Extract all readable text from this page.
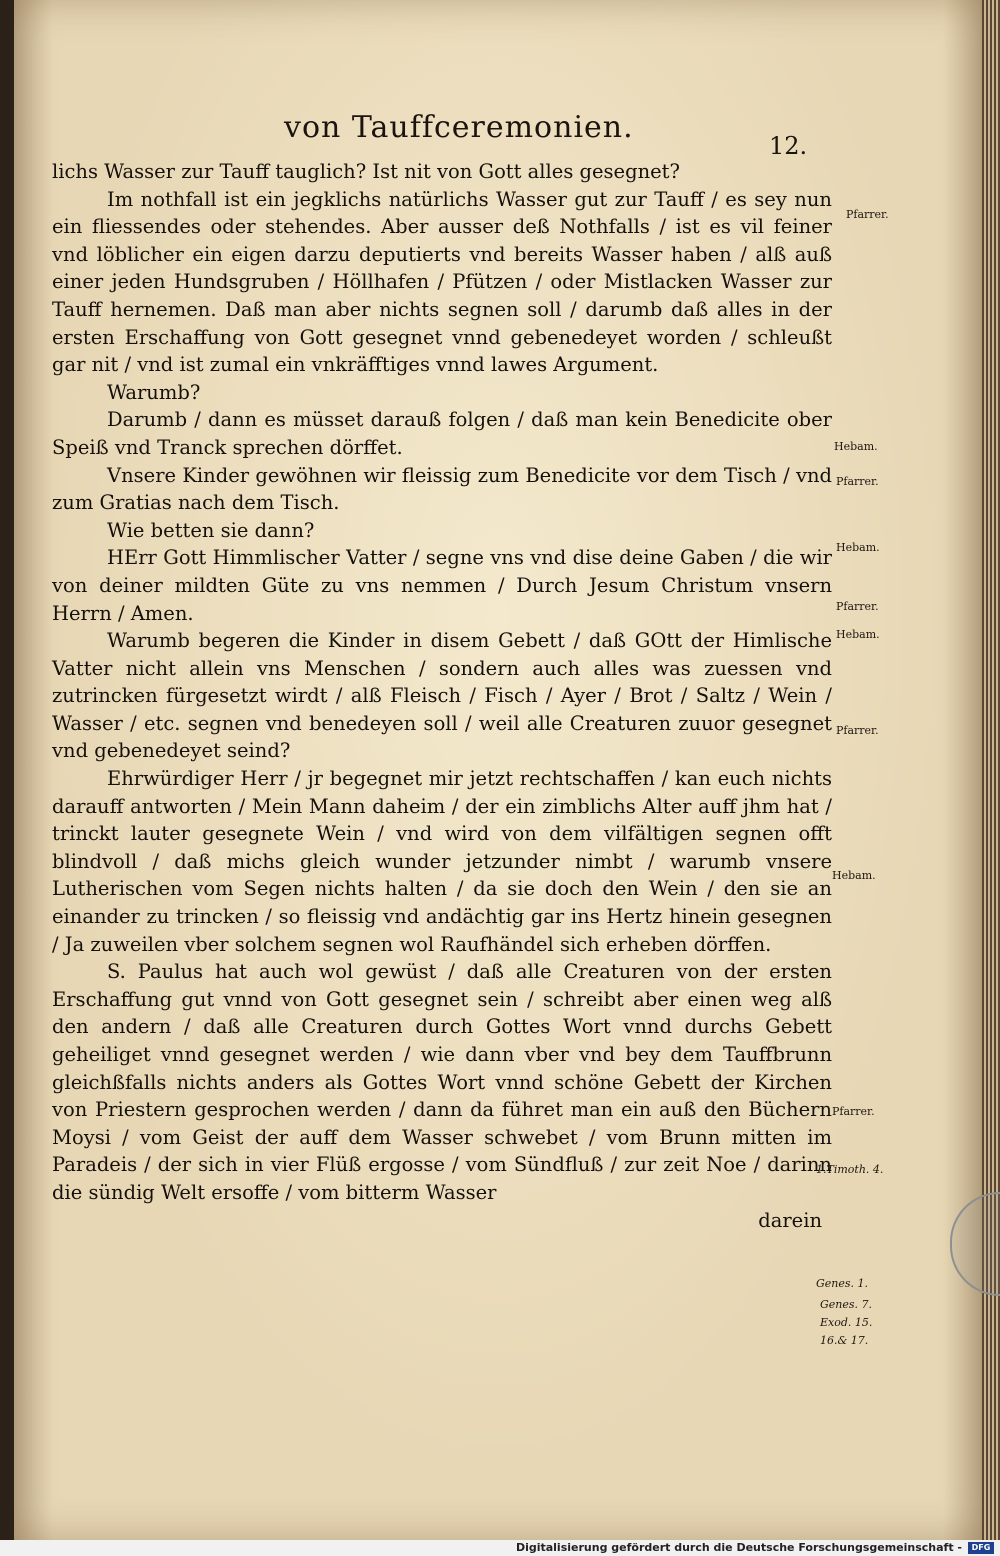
von Tauffceremonien.
12.

lichs Wasser zur Tauff tauglich? Ist nit von Gott alles gesegnet?

Im nothfall ist ein jegklichs natürlichs Wasser gut zur Tauff / es sey nun ein fliessendes oder stehendes. Aber ausser deß Nothfalls / ist es vil feiner vnd löblicher ein eigen darzu deputierts vnd bereits Wasser haben / alß auß einer jeden Hundsgruben / Höllhafen / Pfützen / oder Mistlacken Wasser zur Tauff hernemen. Daß man aber nichts segnen soll / darumb daß alles in der ersten Erschaffung von Gott gesegnet vnnd gebenedeyet worden / schleußt gar nit / vnd ist zumal ein vnkräfftiges vnnd lawes Argument.

Warumb?

Darumb / dann es müsset darauß folgen / daß man kein Benedicite ober Speiß vnd Tranck sprechen dörffet.

Vnsere Kinder gewöhnen wir fleissig zum Benedicite vor dem Tisch / vnd zum Gratias nach dem Tisch.

Wie betten sie dann?

HErr Gott Himmlischer Vatter / segne vns vnd dise deine Gaben / die wir von deiner mildten Güte zu vns nemmen / Durch Jesum Christum vnsern Herrn / Amen.

Warumb begeren die Kinder in disem Gebett / daß GOtt der Himlische Vatter nicht allein vns Menschen / sondern auch alles was zuessen vnd zutrincken fürgesetzt wirdt / alß Fleisch / Fisch / Ayer / Brot / Saltz / Wein / Wasser / etc. segnen vnd benedeyen soll / weil alle Creaturen zuuor gesegnet vnd gebenedeyet seind?

Ehrwürdiger Herr / jr begegnet mir jetzt rechtschaffen / kan euch nichts darauff antworten / Mein Mann daheim / der ein zimblichs Alter auff jhm hat / trinckt lauter gesegnete Wein / vnd wird von dem vilfältigen segnen offt blindvoll / daß michs gleich wunder jetzunder nimbt / warumb vnsere Lutherischen vom Segen nichts halten / da sie doch den Wein / den sie an einander zu trincken / so fleissig vnd andächtig gar ins Hertz hinein gesegnen / Ja zuweilen vber solchem segnen wol Raufhändel sich erheben dörffen.

S. Paulus hat auch wol gewüst / daß alle Creaturen von der ersten Erschaffung gut vnnd von Gott gesegnet sein / schreibt aber einen weg alß den andern / daß alle Creaturen durch Gottes Wort vnnd durchs Gebett geheiliget vnnd gesegnet werden / wie dann vber vnd bey dem Tauffbrunn gleichßfalls nichts anders als Gottes Wort vnnd schöne Gebett der Kirchen von Priestern gesprochen werden / dann da führet man ein auß den Büchern Moysi / vom Geist der auff dem Wasser schwebet / vom Brunn mitten im Paradeis / der sich in vier Flüß ergosse / vom Sündfluß / zur zeit Noe / darinn die sündig Welt ersoffe / vom bitterm Wasser

darein

Pfarrer.
Hebam.
Pfarrer.
Hebam.
Pfarrer.
Hebam.
Pfarrer.
Hebam.
Pfarrer.
1.Timoth. 4.
Genes. 1.
Genes. 7.
Exod. 15.
16.& 17.
Digitalisierung gefördert durch die Deutsche Forschungsgemeinschaft - DFG
